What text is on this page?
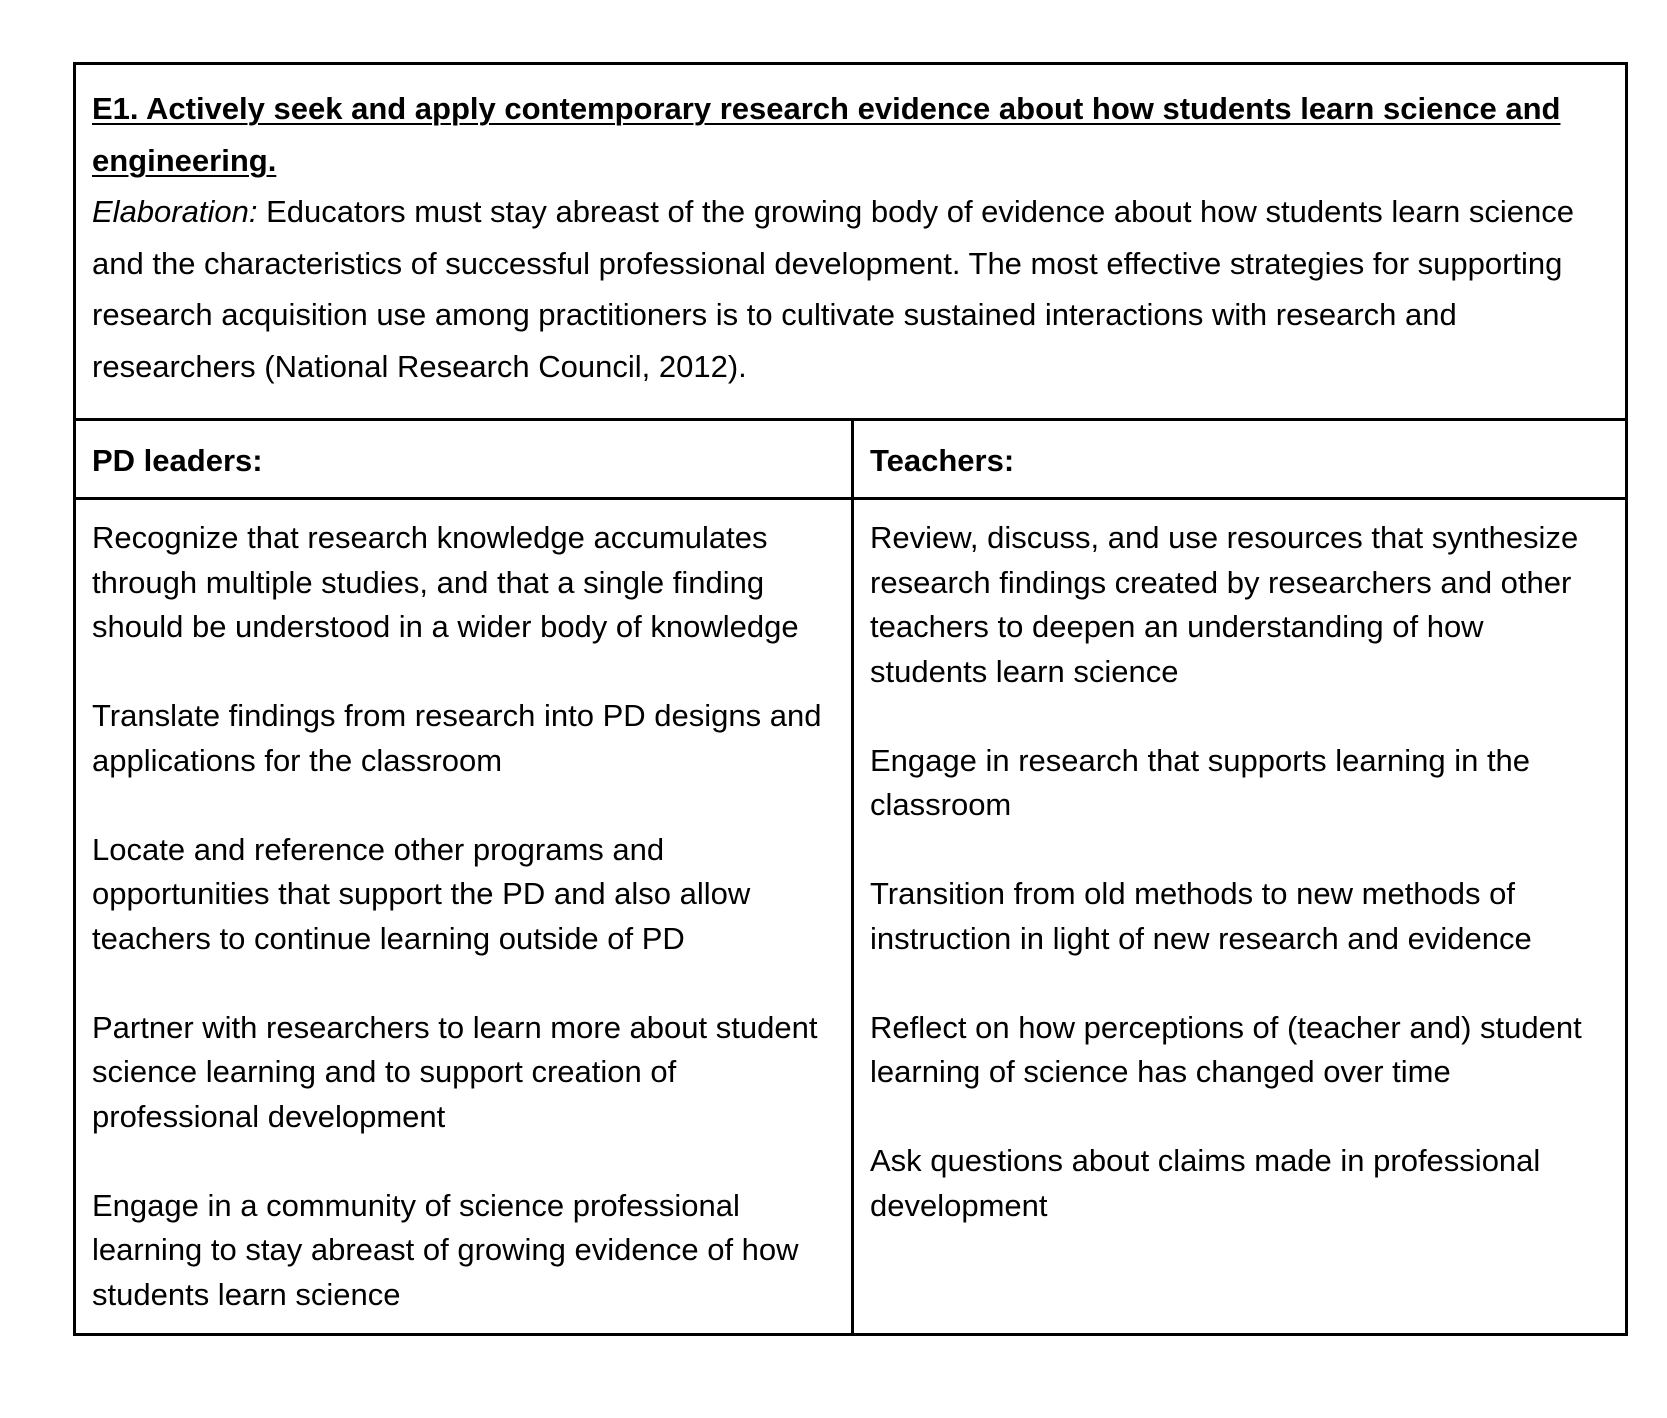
E1. Actively seek and apply contemporary research evidence about how students learn science and engineering.
Elaboration: Educators must stay abreast of the growing body of evidence about how students learn science and the characteristics of successful professional development. The most effective strategies for supporting research acquisition use among practitioners is to cultivate sustained interactions with research and researchers (National Research Council, 2012).
PD leaders:	Teachers:

Recognize that research knowledge accumulates through multiple studies, and that a single finding should be understood in a wider body of knowledge

Translate findings from research into PD designs and applications for the classroom

Locate and reference other programs and opportunities that support the PD and also allow teachers to continue learning outside of PD

Partner with researchers to learn more about student science learning and to support creation of professional development

Engage in a community of science professional learning to stay abreast of growing evidence of how students learn science

Review, discuss, and use resources that synthesize research findings created by researchers and other teachers to deepen an understanding of how students learn science

Engage in research that supports learning in the classroom

Transition from old methods to new methods of instruction in light of new research and evidence

Reflect on how perceptions of (teacher and) student learning of science has changed over time

Ask questions about claims made in professional development
